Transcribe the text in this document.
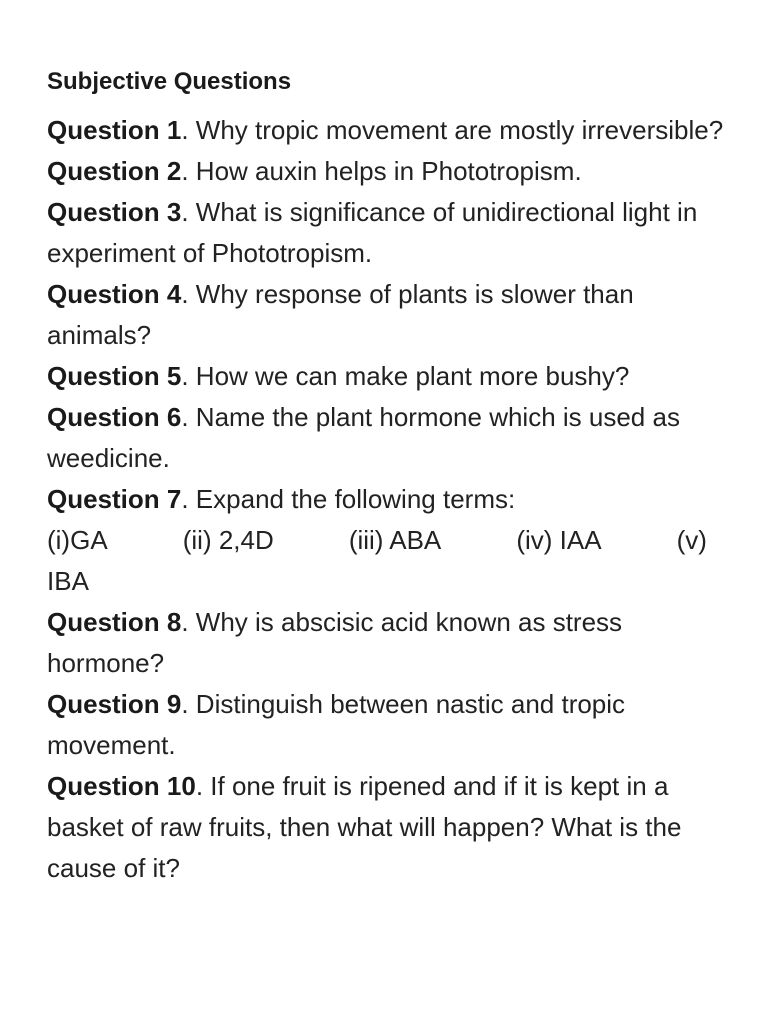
Subjective Questions

Question 1. Why tropic movement are mostly irreversible?

Question 2. How auxin helps in Phototropism.

Question 3. What is significance of unidirectional light in experiment of Phototropism.

Question 4. Why response of plants is slower than animals?

Question 5. How we can make plant more bushy?

Question 6. Name the plant hormone which is used as weedicine.

Question 7. Expand the following terms:

(i)GA	(ii) 2,4D	(iii) ABA	(iv) IAA	(v)
IBA

Question 8. Why is abscisic acid known as stress hormone?

Question 9. Distinguish between nastic and tropic movement.

Question 10. If one fruit is ripened and if it is kept in a basket of raw fruits, then what will happen? What is the cause of it?
